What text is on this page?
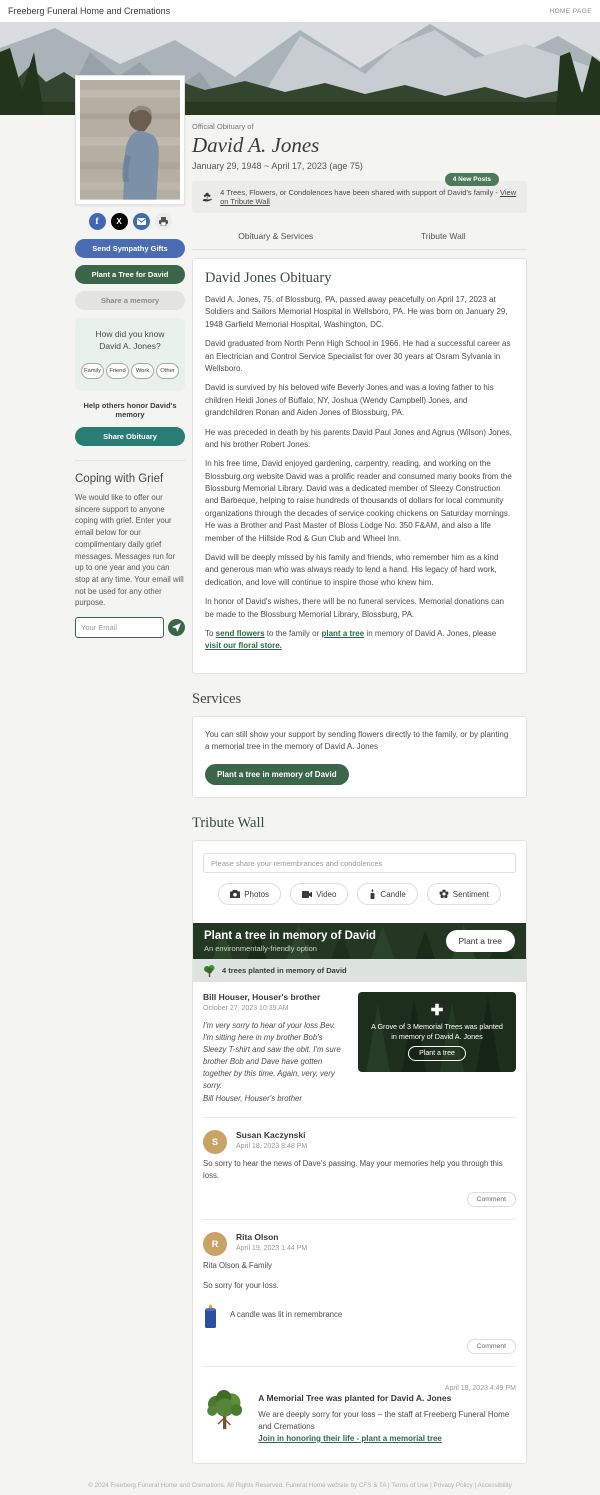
Freeberg Funeral Home and Cremations	HOME PAGE
f	X
Send Sympathy Gifts
Plant a Tree for David
Share a memory
How did you know David A. Jones?
Family	Friend	Work	Other
Help others honor David's memory
Share Obituary
Coping with Grief

We would like to offer our sincere support to anyone coping with grief. Enter your email below for our complimentary daily grief messages. Messages run for up to one year and you can stop at any time. Your email will not be used for any other purpose.

Your Email
Official Obituary of
David A. Jones
January 29, 1948 ~ April 17, 2023 (age 75)
4 New Posts
4 Trees, Flowers, or Condolences have been shared with support of David's family - View on Tribute Wall
Obituary & Services	Tribute Wall
David Jones Obituary

David A. Jones, 75, of Blossburg, PA, passed away peacefully on April 17, 2023 at Soldiers and Sailors Memorial Hospital in Wellsboro, PA. He was born on January 29, 1948 Garfield Memorial Hospital, Washington, DC.

David graduated from North Penn High School in 1966. He had a successful career as an Electrician and Control Service Specialist for over 30 years at Osram Sylvania in Wellsboro.

David is survived by his beloved wife Beverly Jones and was a loving father to his children Heidi Jones of Buffalo, NY, Joshua (Wendy Campbell) Jones, and grandchildren Ronan and Aiden Jones of Blossburg, PA.

He was preceded in death by his parents David Paul Jones and Agnus (Wilson) Jones, and his brother Robert Jones.

In his free time, David enjoyed gardening, carpentry, reading, and working on the Blossburg.org website David was a prolific reader and consumed many books from the Blossburg Memorial Library. David was a dedicated member of Sleezy Construction and Barbeque, helping to raise hundreds of thousands of dollars for local community organizations through the decades of service cooking chickens on Saturday mornings. He was a Brother and Past Master of Bloss Lodge No. 350 F&AM, and also a life member of the Hillside Rod & Gun Club and Wheel Inn.

David will be deeply missed by his family and friends, who remember him as a kind and generous man who was always ready to lend a hand. His legacy of hard work, dedication, and love will continue to inspire those who knew him.

In honor of David's wishes, there will be no funeral services. Memorial donations can be made to the Blossburg Memorial Library, Blossburg, PA.

To send flowers to the family or plant a tree in memory of David A. Jones, please visit our floral store.

Services

You can still show your support by sending flowers directly to the family, or by planting a memorial tree in the memory of David A. Jones

Plant a tree in memory of David
Tribute Wall
Please share your remembrances and condolences
Photos	Video	Candle	Sentiment
Plant a tree in memory of David
An environmentally-friendly option
Plant a tree
4 trees planted in memory of David
Bill Houser, Houser's brother
October 27, 2023 10:39 AM
I'm very sorry to hear of your loss Bev. I'm sitting here in my brother Bob's Sleezy T-shirt and saw the obit. I'm sure brother Bob and Dave have gotten together by this time. Again, very, very sorry.
Bill Houser, Houser's brother
✚
A Grove of 3 Memorial Trees was planted in memory of David A. Jones
Plant a tree
S
Susan Kaczynski
April 18, 2023 8:48 PM
So sorry to hear the news of Dave's passing. May your memories help you through this loss.
Comment
R
Rita Olson
April 19, 2023 1:44 PM
Rita Olson & Family
So sorry for your loss.
A candle was lit in remembrance
Comment
April 18, 2023 4:49 PM
A Memorial Tree was planted for David A. Jones
We are deeply sorry for your loss – the staff at Freeberg Funeral Home and Cremations
Join in honoring their life - plant a memorial tree
© 2024 Freeberg Funeral Home and Cremations. All Rights Reserved. Funeral Home website by CFS & TA | Terms of Use | Privacy Policy | Accessibility
